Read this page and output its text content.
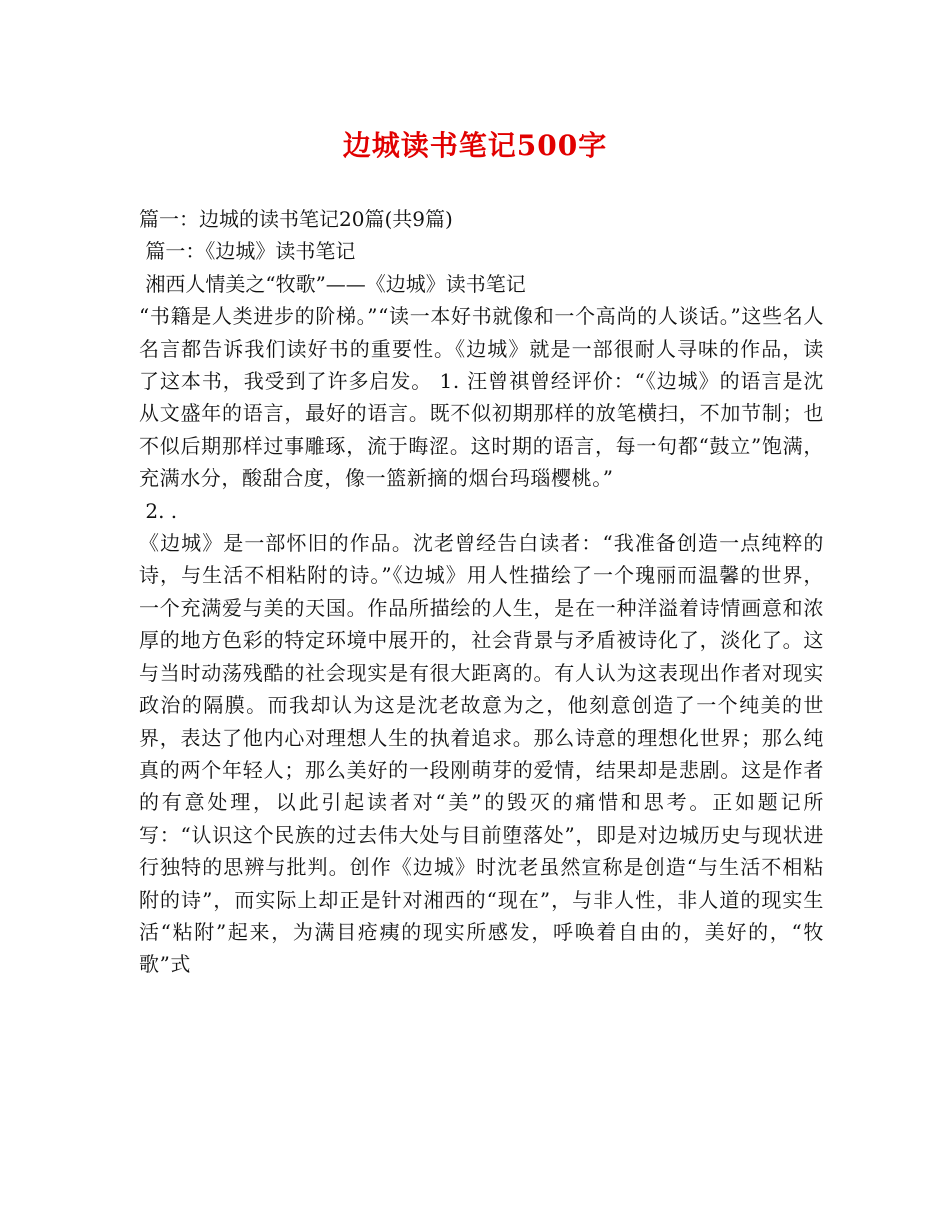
边城读书笔记500字

篇一：边城的读书笔记20篇(共9篇)

篇一：《边城》读书笔记

湘西人情美之“牧歌”——《边城》读书笔记

“书籍是人类进步的阶梯。”“读一本好书就像和一个高尚的人谈话。”这些名人名言都告诉我们读好书的重要性。《边城》就是一部很耐人寻味的作品，读了这本书，我受到了许多启发。 1. 汪曾祺曾经评价：“《边城》的语言是沈从文盛年的语言，最好的语言。既不似初期那样的放笔横扫，不加节制；也不似后期那样过事雕琢，流于晦涩。这时期的语言，每一句都“鼓立”饱满，充满水分，酸甜合度，像一篮新摘的烟台玛瑙樱桃。”

2. .

《边城》是一部怀旧的作品。沈老曾经告白读者：“我准备创造一点纯粹的诗，与生活不相粘附的诗。”《边城》用人性描绘了一个瑰丽而温馨的世界，一个充满爱与美的天国。作品所描绘的人生，是在一种洋溢着诗情画意和浓厚的地方色彩的特定环境中展开的，社会背景与矛盾被诗化了，淡化了。这与当时动荡残酷的社会现实是有很大距离的。有人认为这表现出作者对现实政治的隔膜。而我却认为这是沈老故意为之，他刻意创造了一个纯美的世界，表达了他内心对理想人生的执着追求。那么诗意的理想化世界；那么纯真的两个年轻人；那么美好的一段刚萌芽的爱情，结果却是悲剧。这是作者的有意处理，以此引起读者对“美”的毁灭的痛惜和思考。正如题记所写：“认识这个民族的过去伟大处与目前堕落处”，即是对边城历史与现状进行独特的思辨与批判。创作《边城》时沈老虽然宣称是创造“与生活不相粘附的诗”，而实际上却正是针对湘西的“现在”，与非人性，非人道的现实生活“粘附”起来，为满目疮痍的现实所感发，呼唤着自由的，美好的，“牧歌”式
